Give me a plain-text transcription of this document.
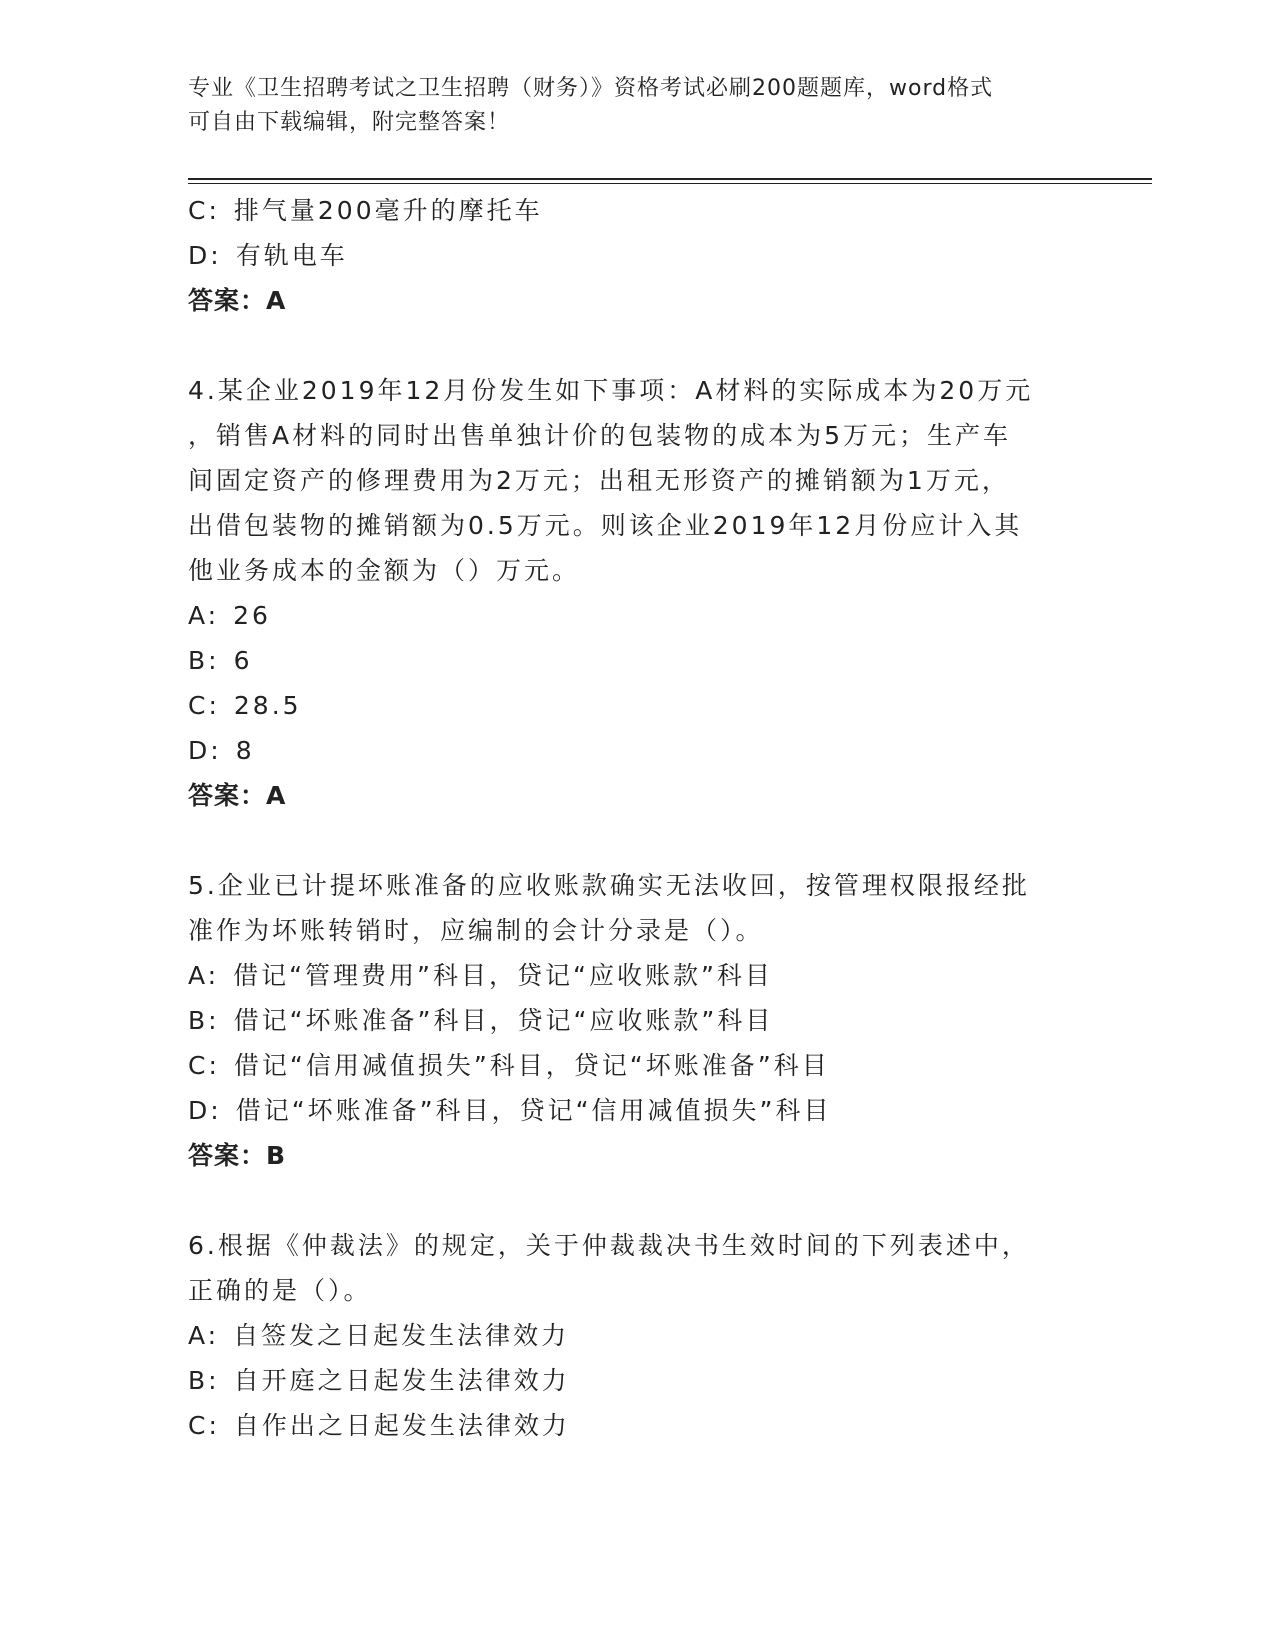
专业《卫生招聘考试之卫生招聘（财务）》资格考试必刷200题题库，word格式
可自由下载编辑，附完整答案！
C: 排气量200毫升的摩托车
D: 有轨电车
答案：A
4.某企业2019年12月份发生如下事项：A材料的实际成本为20万元
，销售A材料的同时出售单独计价的包装物的成本为5万元；生产车
间固定资产的修理费用为2万元；出租无形资产的摊销额为1万元，
出借包装物的摊销额为0.5万元。则该企业2019年12月份应计入其
他业务成本的金额为（）万元。
A: 26
B: 6
C: 28.5
D: 8
答案：A
5.企业已计提坏账准备的应收账款确实无法收回，按管理权限报经批
准作为坏账转销时，应编制的会计分录是（）。
A: 借记“管理费用”科目，贷记“应收账款”科目
B: 借记“坏账准备”科目，贷记“应收账款”科目
C: 借记“信用减值损失”科目，贷记“坏账准备”科目
D: 借记“坏账准备”科目，贷记“信用减值损失”科目
答案：B
6.根据《仲裁法》的规定，关于仲裁裁决书生效时间的下列表述中，
正确的是（）。
A: 自签发之日起发生法律效力
B: 自开庭之日起发生法律效力
C: 自作出之日起发生法律效力
